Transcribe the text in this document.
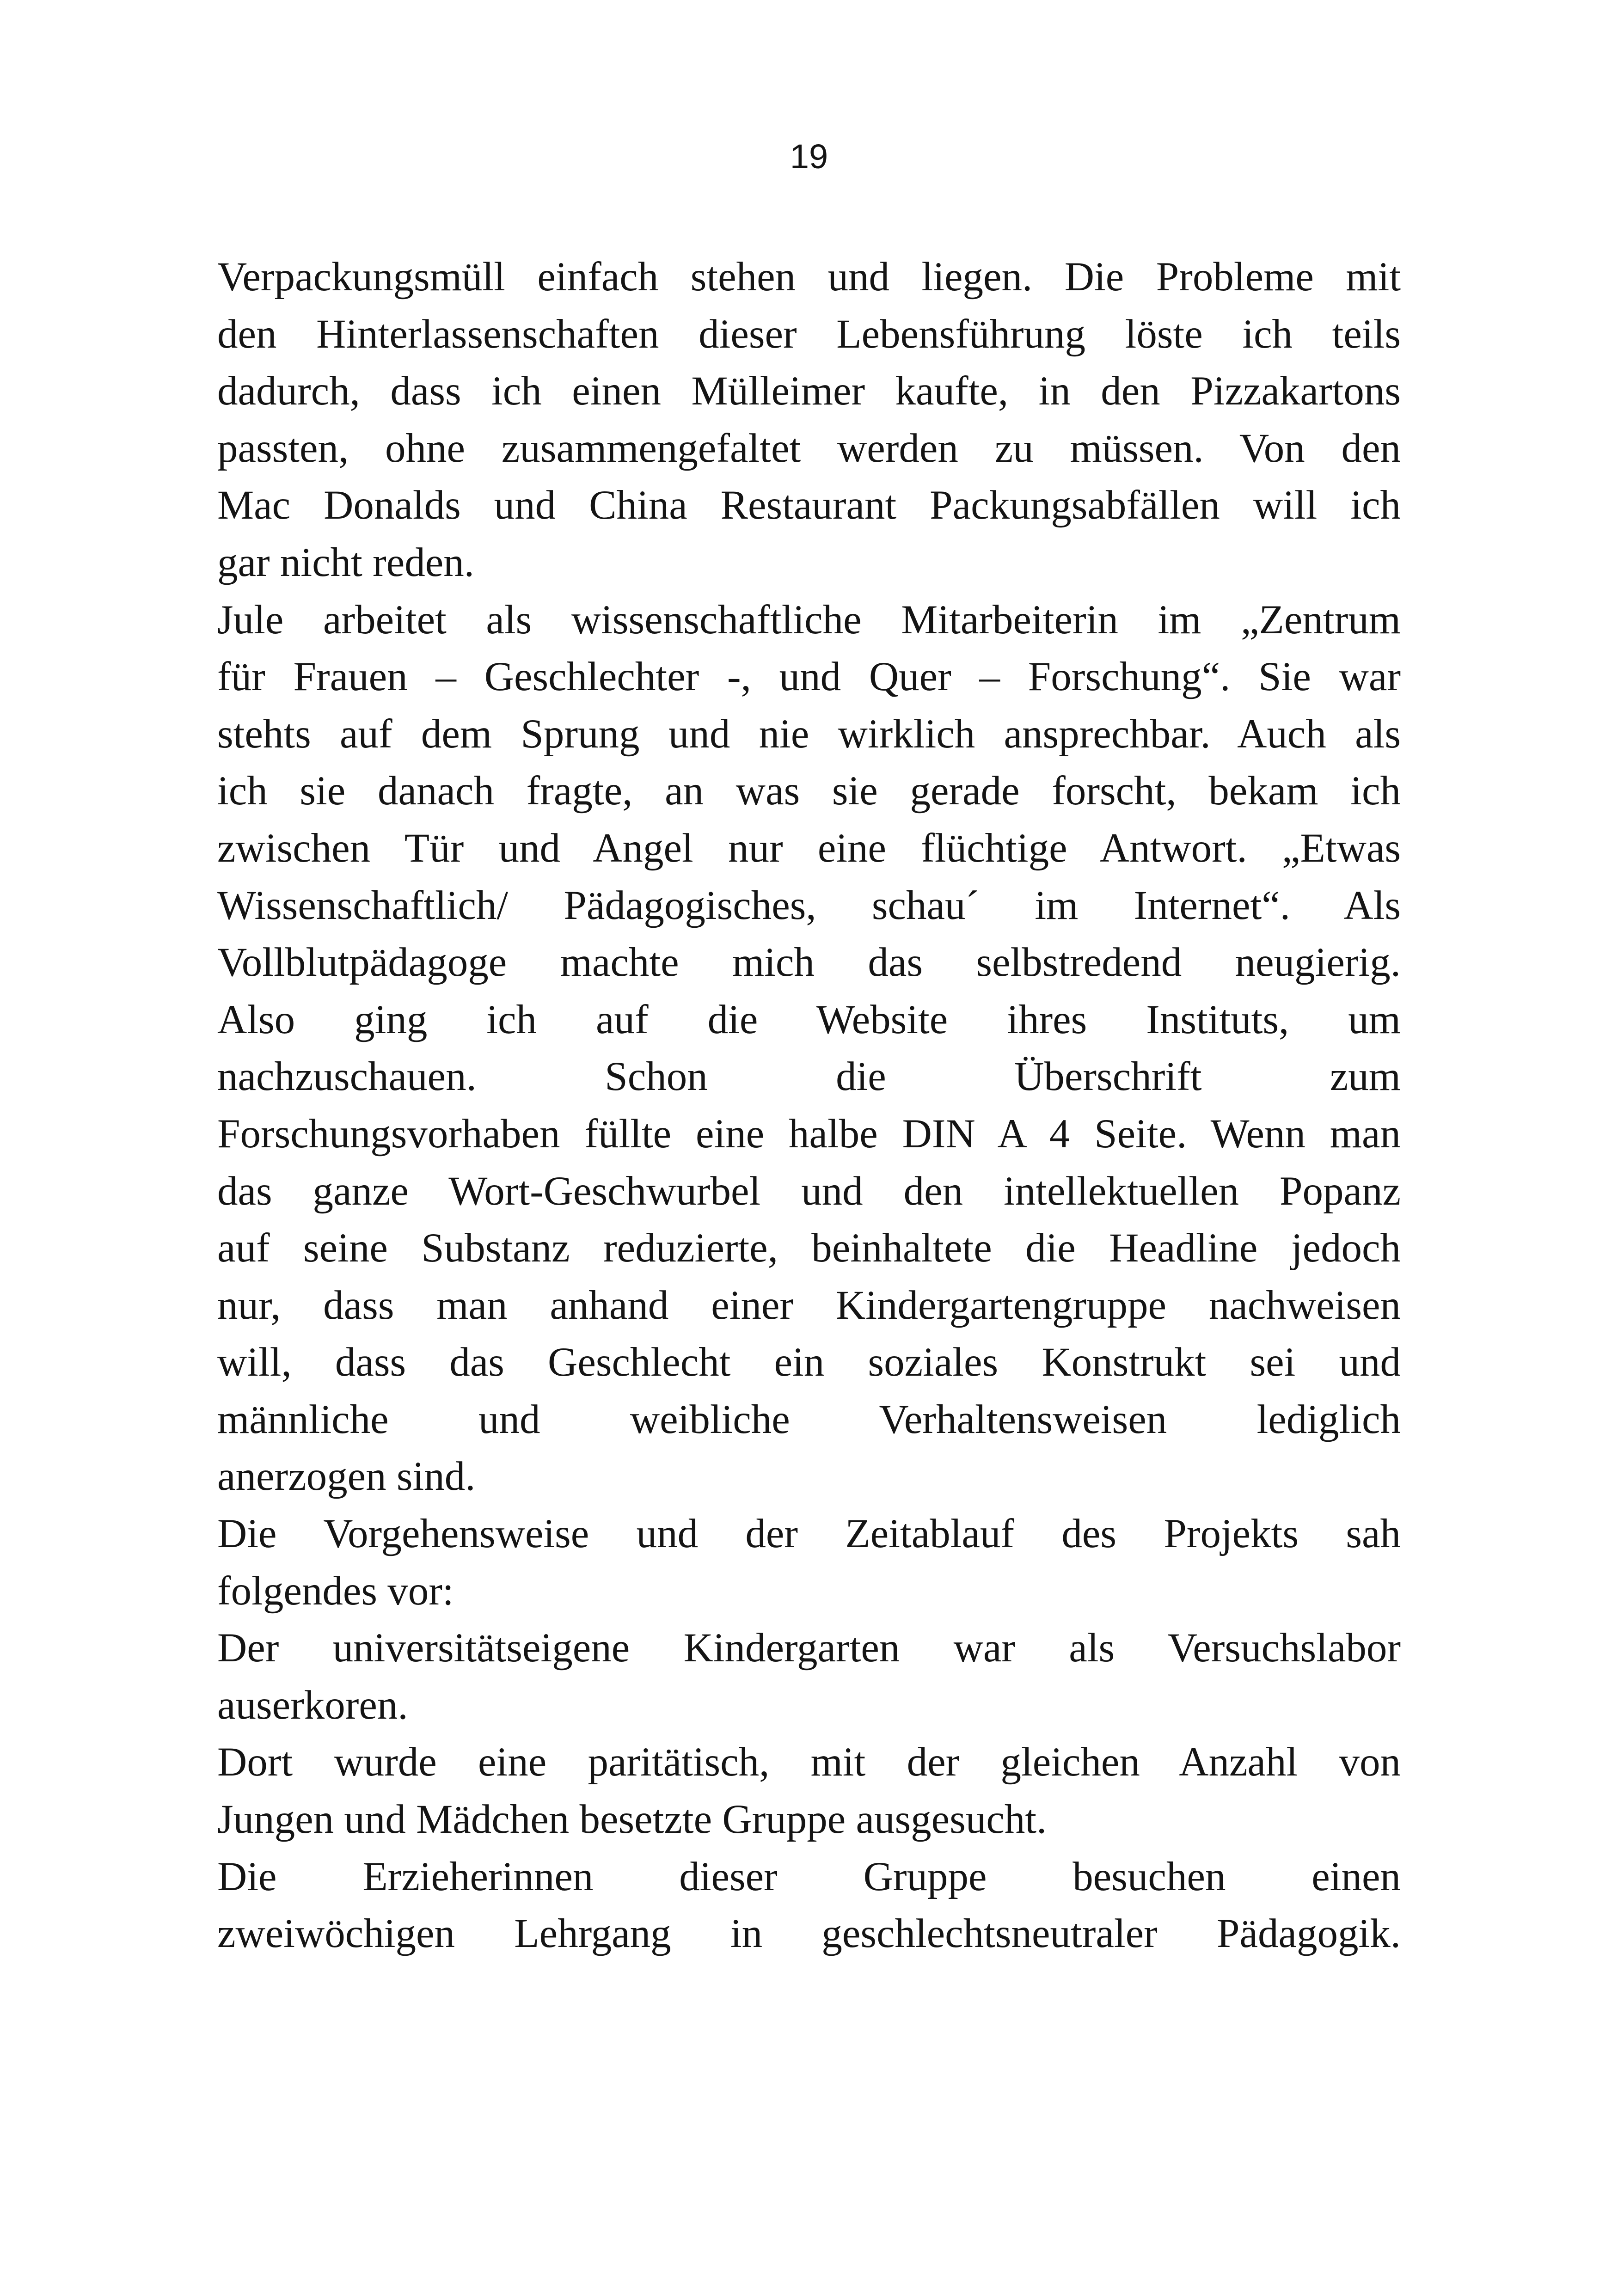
19
Verpackungsmüll einfach stehen und liegen. Die Probleme mit
den Hinterlassenschaften dieser Lebensführung löste ich teils
dadurch, dass ich einen Mülleimer kaufte, in den Pizzakartons
passten, ohne zusammengefaltet werden zu müssen. Von den
Mac Donalds und China Restaurant Packungsabfällen will ich
gar nicht reden.
Jule arbeitet als wissenschaftliche Mitarbeiterin im „Zentrum
für Frauen – Geschlechter -, und Quer – Forschung“. Sie war
stehts auf dem Sprung und nie wirklich ansprechbar. Auch als
ich sie danach fragte, an was sie gerade forscht, bekam ich
zwischen Tür und Angel nur eine flüchtige Antwort. „Etwas
Wissenschaftlich/ Pädagogisches, schau´ im Internet“. Als
Vollblutpädagoge machte mich das selbstredend neugierig.
Also ging ich auf die Website ihres Instituts, um
nachzuschauen. Schon die Überschrift zum
Forschungsvorhaben füllte eine halbe DIN A 4 Seite. Wenn man
das ganze Wort-Geschwurbel und den intellektuellen Popanz
auf seine Substanz reduzierte, beinhaltete die Headline jedoch
nur, dass man anhand einer Kindergartengruppe nachweisen
will, dass das Geschlecht ein soziales Konstrukt sei und
männliche und weibliche Verhaltensweisen lediglich
anerzogen sind.
Die Vorgehensweise und der Zeitablauf des Projekts sah
folgendes vor:
Der universitätseigene Kindergarten war als Versuchslabor
auserkoren.
Dort wurde eine paritätisch, mit der gleichen Anzahl von
Jungen und Mädchen besetzte Gruppe ausgesucht.
Die Erzieherinnen dieser Gruppe besuchen einen
zweiwöchigen Lehrgang in geschlechtsneutraler Pädagogik.
